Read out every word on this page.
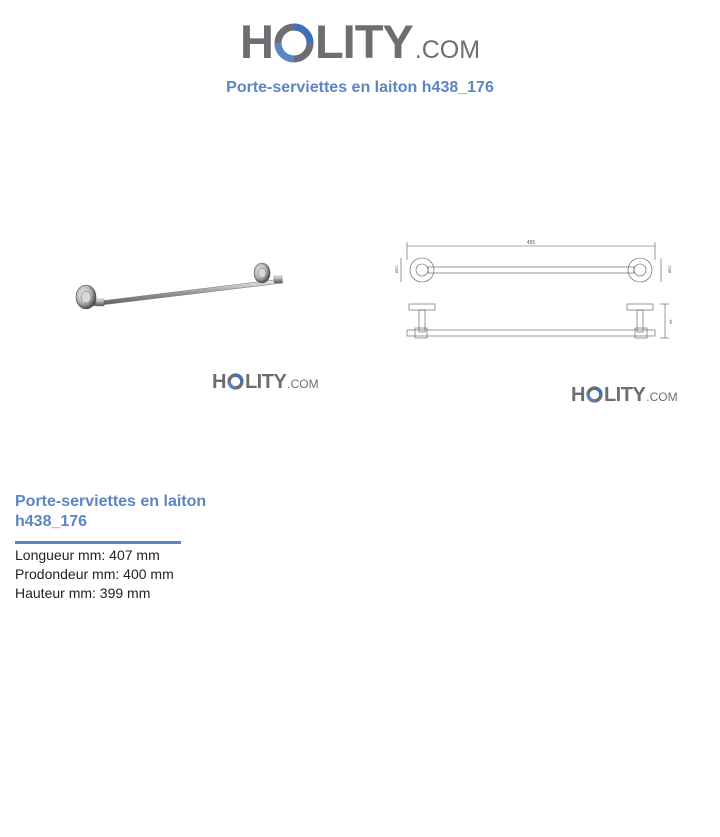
H LITY .COM
Porte-serviettes en laiton h438_176
H LITY .COM
455
Ø52	Ø52
68
H LITY .COM
Porte-serviettes en laiton
h438_176
Longueur mm: 407 mm
Prodondeur mm: 400 mm
Hauteur mm: 399 mm
